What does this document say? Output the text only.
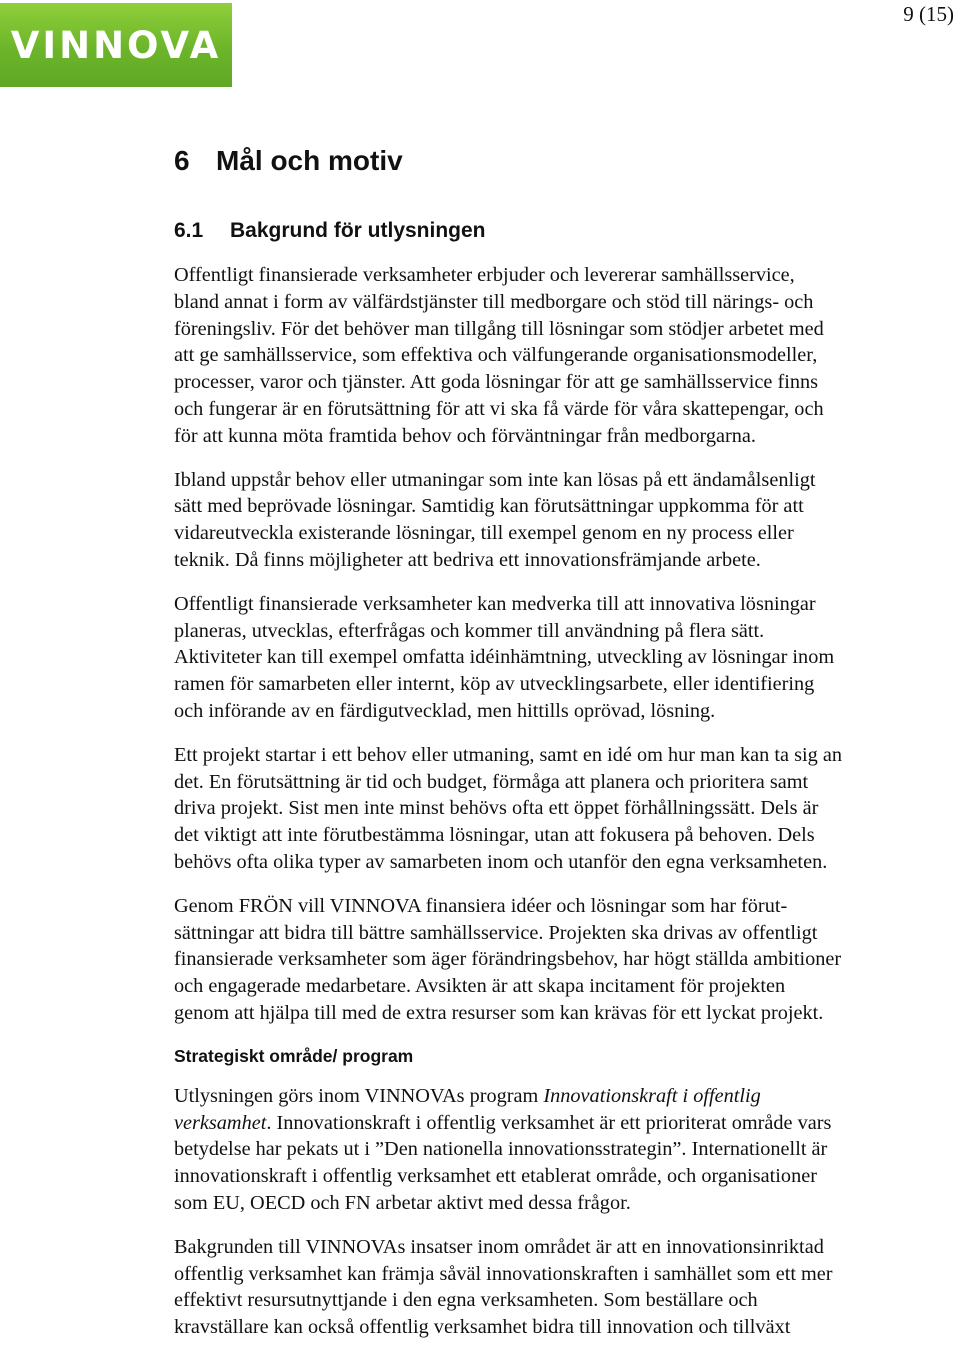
VINNOVA
9 (15)
6 Mål och motiv
6.1 Bakgrund för utlysningen

Offentligt finansierade verksamheter erbjuder och levererar samhällsservice,
bland annat i form av välfärdstjänster till medborgare och stöd till närings- och
föreningsliv. För det behöver man tillgång till lösningar som stödjer arbetet med
att ge samhällsservice, som effektiva och välfungerande organisationsmodeller,
processer, varor och tjänster. Att goda lösningar för att ge samhällsservice finns
och fungerar är en förutsättning för att vi ska få värde för våra skattepengar, och
för att kunna möta framtida behov och förväntningar från medborgarna.

Ibland uppstår behov eller utmaningar som inte kan lösas på ett ändamålsenligt
sätt med beprövade lösningar. Samtidig kan förutsättningar uppkomma för att
vidareutveckla existerande lösningar, till exempel genom en ny process eller
teknik. Då finns möjligheter att bedriva ett innovationsfrämjande arbete.

Offentligt finansierade verksamheter kan medverka till att innovativa lösningar
planeras, utvecklas, efterfrågas och kommer till användning på flera sätt.
Aktiviteter kan till exempel omfatta idéinhämtning, utveckling av lösningar inom
ramen för samarbeten eller internt, köp av utvecklingsarbete, eller identifiering
och införande av en färdigutvecklad, men hittills oprövad, lösning.

Ett projekt startar i ett behov eller utmaning, samt en idé om hur man kan ta sig an
det. En förutsättning är tid och budget, förmåga att planera och prioritera samt
driva projekt. Sist men inte minst behövs ofta ett öppet förhållningssätt. Dels är
det viktigt att inte förutbestämma lösningar, utan att fokusera på behoven. Dels
behövs ofta olika typer av samarbeten inom och utanför den egna verksamheten.

Genom FRÖN vill VINNOVA finansiera idéer och lösningar som har förut-
sättningar att bidra till bättre samhällsservice. Projekten ska drivas av offentligt
finansierade verksamheter som äger förändringsbehov, har högt ställda ambitioner
och engagerade medarbetare. Avsikten är att skapa incitament för projekten
genom att hjälpa till med de extra resurser som kan krävas för ett lyckat projekt.

Strategiskt område/ program

Utlysningen görs inom VINNOVAs program Innovationskraft i offentlig
verksamhet. Innovationskraft i offentlig verksamhet är ett prioriterat område vars
betydelse har pekats ut i ”Den nationella innovationsstrategin”. Internationellt är
innovationskraft i offentlig verksamhet ett etablerat område, och organisationer
som EU, OECD och FN arbetar aktivt med dessa frågor.

Bakgrunden till VINNOVAs insatser inom området är att en innovationsinriktad
offentlig verksamhet kan främja såväl innovationskraften i samhället som ett mer
effektivt resursutnyttjande i den egna verksamheten. Som beställare och
kravställare kan också offentlig verksamhet bidra till innovation och tillväxt
